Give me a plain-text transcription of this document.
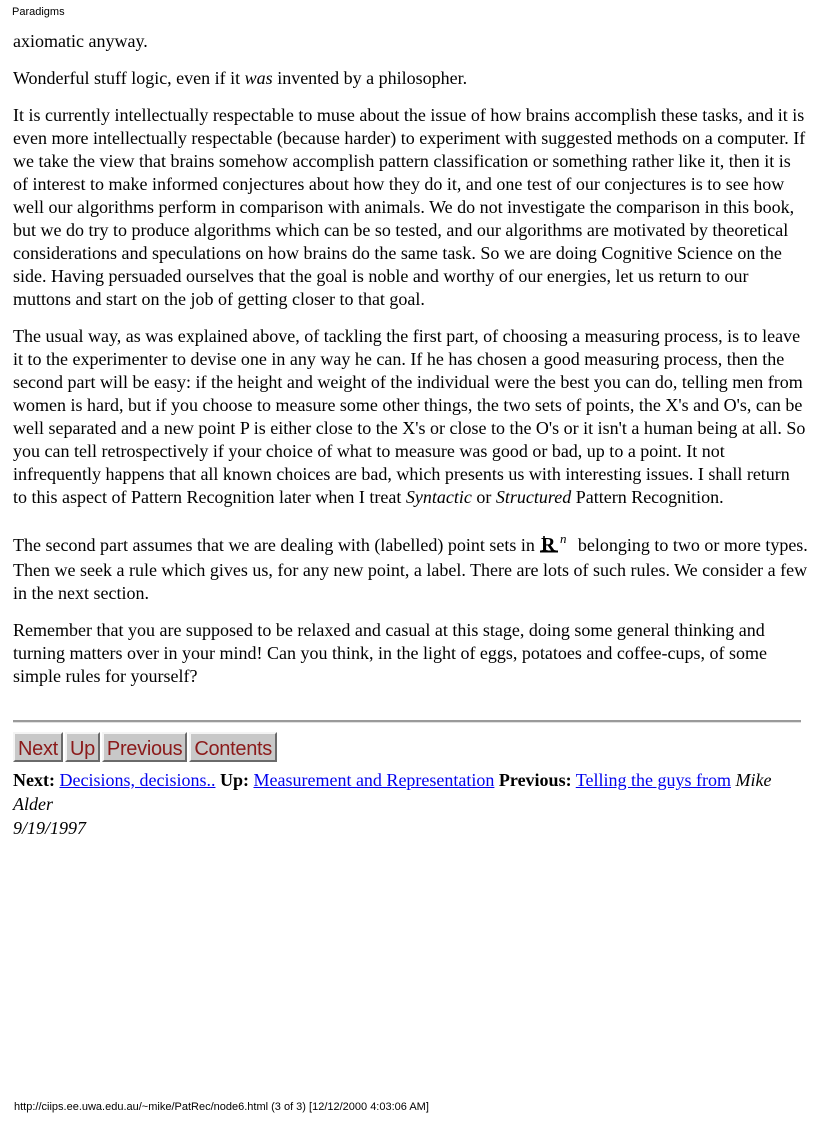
Paradigms

axiomatic anyway.

Wonderful stuff logic, even if it was invented by a philosopher.

It is currently intellectually respectable to muse about the issue of how brains accomplish these tasks, and it is even more intellectually respectable (because harder) to experiment with suggested methods on a computer. If we take the view that brains somehow accomplish pattern classification or something rather like it, then it is of interest to make informed conjectures about how they do it, and one test of our conjectures is to see how well our algorithms perform in comparison with animals. We do not investigate the comparison in this book, but we do try to produce algorithms which can be so tested, and our algorithms are motivated by theoretical considerations and speculations on how brains do the same task. So we are doing Cognitive Science on the side. Having persuaded ourselves that the goal is noble and worthy of our energies, let us return to our muttons and start on the job of getting closer to that goal.

The usual way, as was explained above, of tackling the first part, of choosing a measuring process, is to leave it to the experimenter to devise one in any way he can. If he has chosen a good measuring process, then the second part will be easy: if the height and weight of the individual were the best you can do, telling men from women is hard, but if you choose to measure some other things, the two sets of points, the X's and O's, can be well separated and a new point P is either close to the X's or close to the O's or it isn't a human being at all. So you can tell retrospectively if your choice of what to measure was good or bad, up to a point. It not infrequently happens that all known choices are bad, which presents us with interesting issues. I shall return to this aspect of Pattern Recognition later when I treat Syntactic or Structured Pattern Recognition.

The second part assumes that we are dealing with (labelled) point sets in R n belonging to two or more types. Then we seek a rule which gives us, for any new point, a label. There are lots of such rules. We consider a few in the next section.

Remember that you are supposed to be relaxed and casual at this stage, doing some general thinking and turning matters over in your mind! Can you think, in the light of eggs, potatoes and coffee-cups, of some simple rules for yourself?

Next Up Previous Contents
Next: Decisions, decisions.. Up: Measurement and Representation Previous: Telling the guys from Mike Alder
9/19/1997
http://ciips.ee.uwa.edu.au/~mike/PatRec/node6.html (3 of 3) [12/12/2000 4:03:06 AM]
